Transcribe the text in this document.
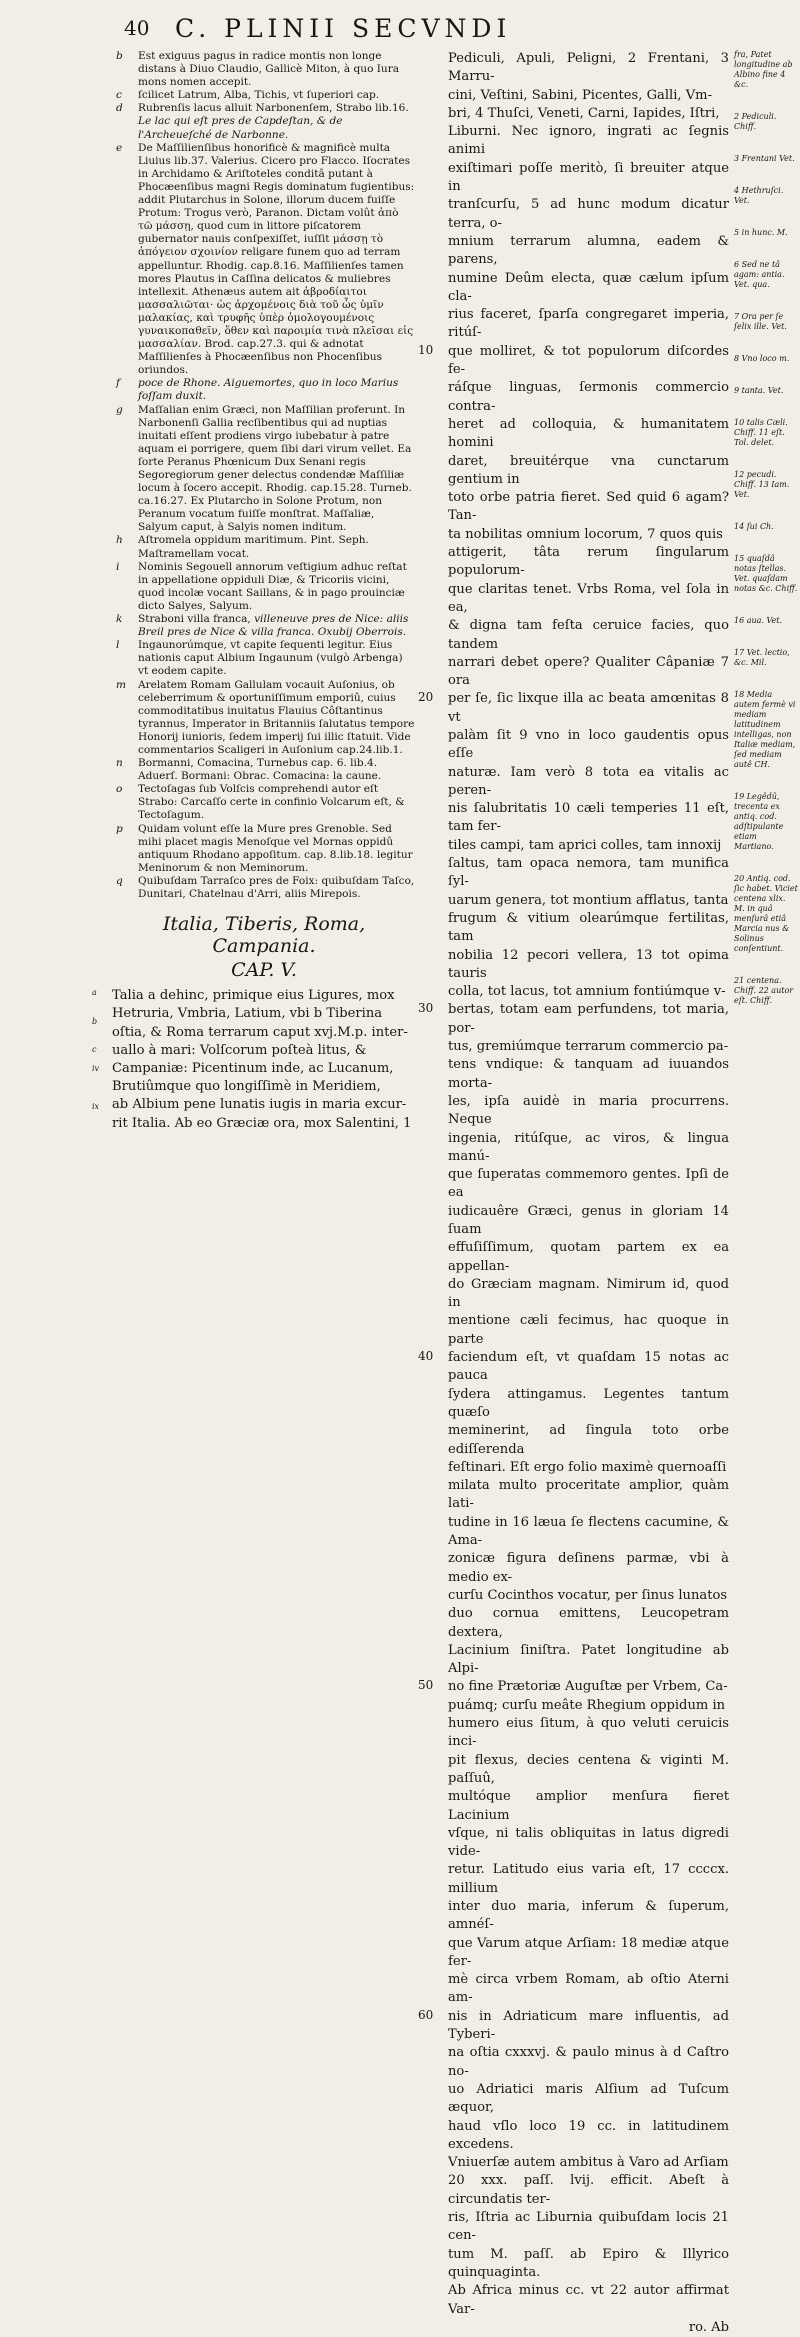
40 C. PLINII SECVNDI

b Est exiguus pagus in radice montis non longe distans à Diuo Claudio, Gallicè Miton, à quo Iura mons nomen accepit.

c ſcilicet Latrum, Alba, Tichis, vt ſuperiori cap.

d Rubrenſis lacus alluit Narbonenſem, Strabo lib.16. Le lac qui eſt pres de Capdeſtan, & de l'Archeueſché de Narbonne.

e De Maſſilienſibus honorificè & magnificè multa Liuius lib.37. Valerius. Cicero pro Flacco. Iſocrates in Archidamo & Ariſtoteles conditâ putant à Phocæenſibus magni Regis dominatum fugientibus: addit Plutarchus in Solone, illorum ducem fuiſſe Protum: Trogus verò, Paranon. Dictam volût ἀπὸ τῶ μάσσῃ, quod cum in littore piſcatorem gubernator nauis conſpexiſſet, iuſſit μάσσῃ τὸ ἀπόγειον σχοινίον religare funem quo ad terram appelluntur. Rhodig. cap.8.16. Maſſilienſes tamen mores Plautus in Caſſina delicatos & muliebres intellexit. Athenæus autem ait ἁβροδίαιτοι μασσαλιῶται· ὡς ἀρχομένοις διὰ τοῦ ὧς ὑμῖν μαλακίας, καὶ τρυφῆς ὑπὲρ ὁμολογουμένοις γυναικοπαθεῖν, ὅθεν καὶ παροιμία τινὰ πλεῖσαι εἰς μασσαλίαν. Brod. cap.27.3. qui & adnotat Maſſilienſes à Phocæenſibus non Phocenſibus oriundos.

f poce de Rhone. Aiguemortes, quo in loco Marius foſſam duxit.

g Maſſalian enim Græci, non Maſſilian proferunt. In Narbonenſi Gallia recſibentibus qui ad nuptias inuitati eſſent prodiens virgo iubebatur à patre aquam ei porrigere, quem ſibi dari virum vellet. Ea ſorte Peranus Phœnicum Dux Senani regis Segoregiorum gener delectus condendæ Maſſiliæ locum à ſocero accepit. Rhodig. cap.15.28. Turneb. ca.16.27. Ex Plutarcho in Solone Protum, non Peranum vocatum fuiſſe monſtrat. Maſſaliæ, Salyum caput, à Salyis nomen inditum.

h Aſtromela oppidum maritimum. Pint. Seph. Maſtramellam vocat.

i Nominis Segouell annorum veſtigium adhuc reſtat in appellatione oppiduli Diæ, & Tricoriis vicini, quod incolæ vocant Saillans, & in pago prouinciæ dicto Salyes, Salyum.

k Straboni villa franca, villeneuve pres de Nice: aliis Breil pres de Nice & villa franca. Oxubij Oberrois.

l Ingaunorúmque, vt capite ſequenti legitur. Eius nationis caput Albium Ingaunum (vulgò Arbenga) vt eodem capite.

m Arelatem Romam Gallulam vocauit Auſonius, ob celeberrimum & oportuniſſimum emporiû, cuius commoditatibus inuitatus Flauius Côſtantinus tyrannus, Imperator in Britanniis ſalutatus tempore Honorij iunioris, ſedem imperij ſui illic ſtatuit. Vide commentarios Scaligeri in Auſonium cap.24.lib.1.

n Bormanni, Comacina, Turnebus cap. 6. lib.4. Aduerſ. Bormani: Obrac. Comacina: la caune.

o Tectoſagas ſub Volſcis comprehendi autor eſt Strabo: Carcaſſo certe in confinio Volcarum eſt, & Tectoſagum.

p Quidam volunt eſſe la Mure pres Grenoble. Sed mihi placet magis Menoſque vel Mornas oppidû antiquum Rhodano appoſitum. cap. 8.lib.18. legitur Meninorum & non Meminorum.

q Quibuſdam Tarraſco pres de Foix: quibuſdam Taſco, Dunitari, Chatelnau d'Arri, aliis Mirepois.

Italia, Tiberis, Roma, Campania.
CAP. V.
Talia a dehinc, primique eius Ligures, mox
Hetruria, Vmbria, Latium, vbi b Tiberina
oſtia, & Roma terrarum caput xvj.M.p. inter-
uallo à mari: Volſcorum poſteà litus, &
Campaniæ: Picentinum inde, ac Lucanum,
Brutiûmque quo longiſſimè in Meridiem,
ab Albium pene lunatis iugis in maria excur-
rit Italia. Ab eo Græciæ ora, mox Salentini, 1
10
20
30
40
50
60
Pediculi, Apuli, Peligni, 2 Frentani, 3 Marru-
cini, Veſtini, Sabini, Picentes, Galli, Vm-
bri, 4 Thuſci, Veneti, Carni, Iapides, Iſtri,
Liburni. Nec ignoro, ingrati ac ſegnis animi
exiſtimari poſſe meritò, ſi breuiter atque in
tranſcurſu, 5 ad hunc modum dicatur terra, o-
mnium terrarum alumna, eadem & parens,
numine Deûm electa, quæ cælum ipſum cla-
rius faceret, ſparſa congregaret imperia, ritúſ-
que molliret, & tot populorum diſcordes fe-
ráſque linguas, ſermonis commercio contra-
heret ad colloquia, & humanitatem homini
daret, breuitérque vna cunctarum gentium in
toto orbe patria fieret. Sed quid 6 agam? Tan-
ta nobilitas omnium locorum, 7 quos quis
attigerit, tâta rerum ſingularum populorum-
que claritas tenet. Vrbs Roma, vel ſola in ea,
& digna tam feſta ceruice facies, quo tandem
narrari debet opere? Qualiter Câpaniæ 7 ora
per ſe, ſic lixque illa ac beata amœnitas 8 vt
palàm ſit 9 vno in loco gaudentis opus eſſe
naturæ. Iam verò 8 tota ea vitalis ac peren-
nis ſalubritatis 10 cæli temperies 11 eſt, tam fer-
tiles campi, tam aprici colles, tam innoxij
ſaltus, tam opaca nemora, tam munifica ſyl-
uarum genera, tot montium afflatus, tanta
frugum & vitium olearúmque fertilitas, tam
nobilia 12 pecori vellera, 13 tot opima tauris
colla, tot lacus, tot amnium fontiúmque v-
bertas, totam eam perfundens, tot maria, por-
tus, gremiúmque terrarum commercio pa-
tens vndique: & tanquam ad iuuandos morta-
les, ipſa auidè in maria procurrens. Neque
ingenia, ritúſque, ac viros, & lingua manú-
que ſuperatas commemoro gentes. Ipſi de ea
iudicauêre Græci, genus in gloriam 14 ſuam
effuſiſſimum, quotam partem ex ea appellan-
do Græciam magnam. Nimirum id, quod in
mentione cæli fecimus, hac quoque in parte
faciendum eſt, vt quaſdam 15 notas ac pauca
ſydera attingamus. Legentes tantum quæſo
meminerint, ad ſingula toto orbe ediſſerenda
feſtinari. Eſt ergo folio maximè quernoaſſi
milata multo proceritate amplior, quàm lati-
tudine in 16 læua ſe flectens cacumine, & Ama-
zonicæ figura deſinens parmæ, vbi à medio ex-
curſu Cocinthos vocatur, per ſinus lunatos
duo cornua emittens, Leucopetram dextera,
Lacinium ſiniſtra. Patet longitudine ab Alpi-
no fine Prætoriæ Auguſtæ per Vrbem, Ca-
puámq; curſu meâte Rhegium oppidum in
humero eius ſitum, à quo veluti ceruicis inci-
pit flexus, decies centena & viginti M. paſſuû,
multóque amplior menſura fieret Lacinium
vſque, ni talis obliquitas in latus digredi vide-
retur. Latitudo eius varia eſt, 17 ccccx. millium
inter duo maria, inferum & ſuperum, amnéſ-
que Varum atque Arſiam: 18 mediæ atque fer-
mè circa vrbem Romam, ab oſtio Aterni am-
nis in Adriaticum mare influentis, ad Tyberi-
na oſtia cxxxvj. & paulo minus à d Caſtro no-
uo Adriatici maris Alſium ad Tuſcum æquor,
haud vſlo loco 19 cc. in latitudinem excedens.
Vniuerſæ autem ambitus à Varo ad Arſiam
20 xxx. paſſ. lvij. efficit. Abeſt à circundatis ter-
ris, Iſtria ac Liburnia quibuſdam locis 21 cen-
tum M. paſſ. ab Epiro & Illyrico quinquaginta.
Ab Africa minus cc. vt 22 autor affirmat Var-
ro. Ab
fra, Patet longitudine ab Albino fine 4 &c.
2 Pediculi. Chiff.
3 Frentani Vet.
4 Hethruſci. Vet.
5 in hunc. M.
6 Sed ne tâ agam: antia. Vet. qua.
7 Ora per ſe ſelix ille. Vet.
8 Vno loco m.
9 tanta. Vet.
10 talis Cæli. Chiff. 11 eſt. Tol. delet.
12 pecudi. Chiff. 13 Iam. Vet.
14 ſui Ch.
15 quaſdâ notas ſtellas. Vet. quaſdam notas &c. Chiff.
16 aua. Vet.
17 Vet. lectio, &c. Mil.
18 Media autem fermè vi mediam latitudinem intelligas, non Italiæ mediam, ſed mediam autê CH.
19 Legêdû, trecenta ex antiq. cod. adſtipulante etiam Martiano.
20 Antiq. cod. ſic habet. Viciet centena xlix. M. in quâ menſurâ etiâ Marcia nus & Solinus conſentiunt.
21 centena. Chiff. 22 autor eſt. Chiff.
a
b
c
iv
ix
